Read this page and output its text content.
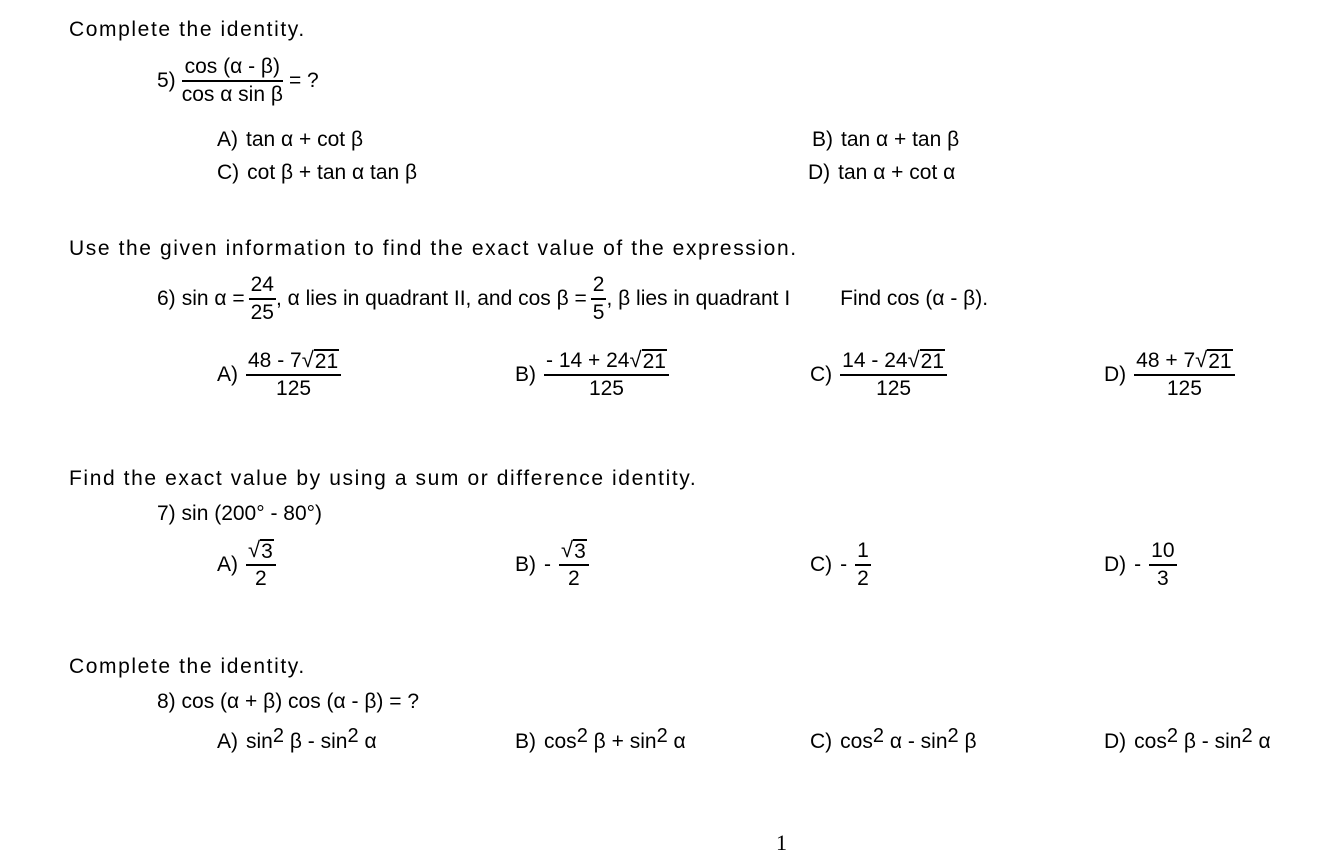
Complete the identity.
Use the given information to find the exact value of the expression.
Find the exact value by using a sum or difference identity.
Complete the identity.
$5) \frac{\cos (\alpha - \beta)}{\text{cos α sin β}}$ = ?
A) tan α + cot β	B) tan α + tan β
C) cot β + tan α tan β	D) tan α + cot α
6) $\sin \alpha = \frac{24}{25}$ , α lies in quadrant II, and $\cos \beta = \frac{2}{5}$ , β lies in quadrant I Find cos (α - β).
$A) \frac{48 - 7 √ 21}{125}$	$B) \frac{- 14 + 24 √ 21}{125}$	$C) \frac{14 - 24 √ 21}{125}$	$D) \frac{48 + 7 √ 21}{125}$
7) sin (200° - 80°)
$A) \frac{√ 3}{2}$	$B) - \frac{√ 3}{2}$	$C) - \frac{1}{2}$	$D) - \frac{10}{3}$
8) cos (α + β) cos (α - β) = ?
A) $\sin^2 \beta - \sin^2 \alpha$	B) $\cos^2 \beta + \sin^2 \alpha$	C) $\cos^2 \alpha - \sin^2 \beta$	D) $\cos^2 \beta - \sin^2 \alpha$
1
